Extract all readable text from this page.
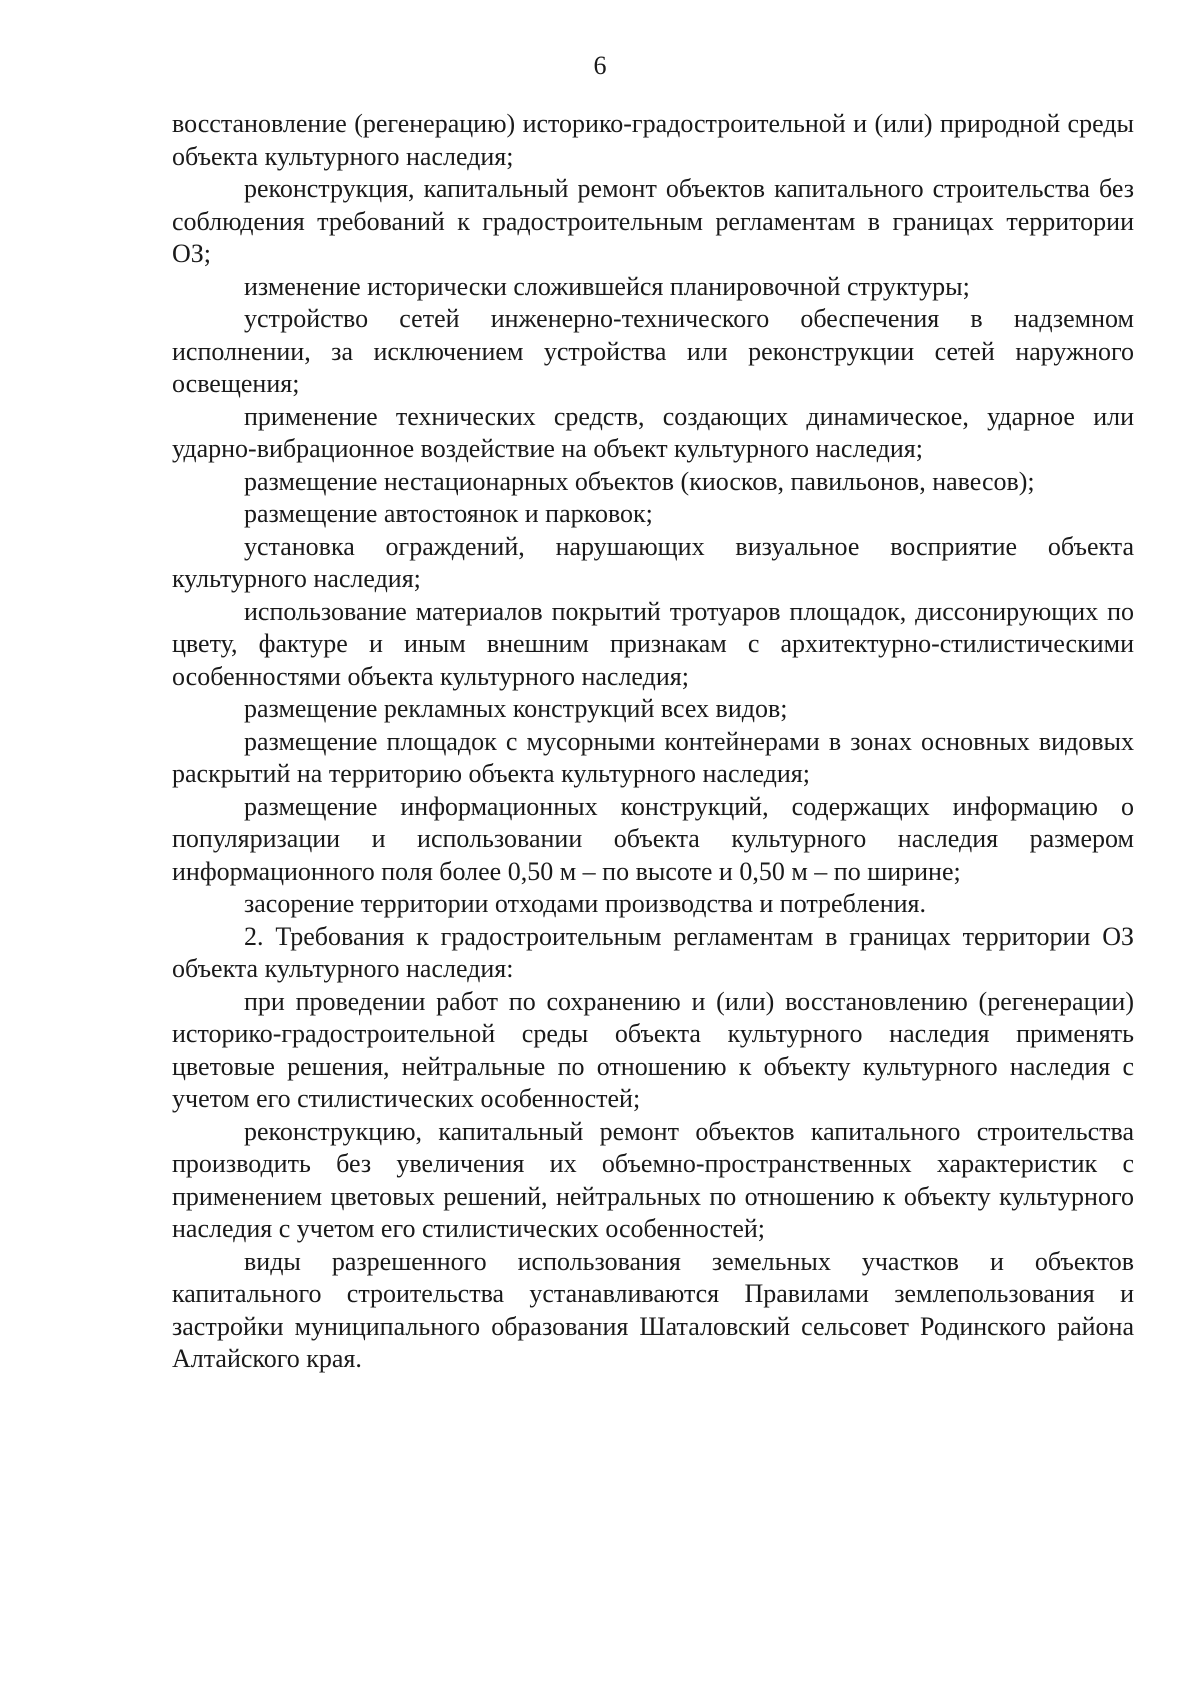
6

восстановление (регенерацию) историко-градостроительной и (или) природной среды объекта культурного наследия;

реконструкция, капитальный ремонт объектов капитального строительства без соблюдения требований к градостроительным регламентам в границах территории ОЗ;

изменение исторически сложившейся планировочной структуры;

устройство сетей инженерно-технического обеспечения в надземном исполнении, за исключением устройства или реконструкции сетей наружного освещения;

применение технических средств, создающих динамическое, ударное или ударно-вибрационное воздействие на объект культурного наследия;

размещение нестационарных объектов (киосков, павильонов, навесов);

размещение автостоянок и парковок;

установка ограждений, нарушающих визуальное восприятие объекта культурного наследия;

использование материалов покрытий тротуаров площадок, диссонирующих по цвету, фактуре и иным внешним признакам с архитектурно-стилистическими особенностями объекта культурного наследия;

размещение рекламных конструкций всех видов;

размещение площадок с мусорными контейнерами в зонах основных видовых раскрытий на территорию объекта культурного наследия;

размещение информационных конструкций, содержащих информацию о популяризации и использовании объекта культурного наследия размером информационного поля более 0,50 м – по высоте и 0,50 м – по ширине;

засорение территории отходами производства и потребления.

2. Требования к градостроительным регламентам в границах территории ОЗ объекта культурного наследия:

при проведении работ по сохранению и (или) восстановлению (регенерации) историко-градостроительной среды объекта культурного наследия применять цветовые решения, нейтральные по отношению к объекту культурного наследия с учетом его стилистических особенностей;

реконструкцию, капитальный ремонт объектов капитального строительства производить без увеличения их объемно-пространственных характеристик с применением цветовых решений, нейтральных по отношению к объекту культурного наследия с учетом его стилистических особенностей;

виды разрешенного использования земельных участков и объектов капитального строительства устанавливаются Правилами землепользования и застройки муниципального образования Шаталовский сельсовет Родинского района Алтайского края.
